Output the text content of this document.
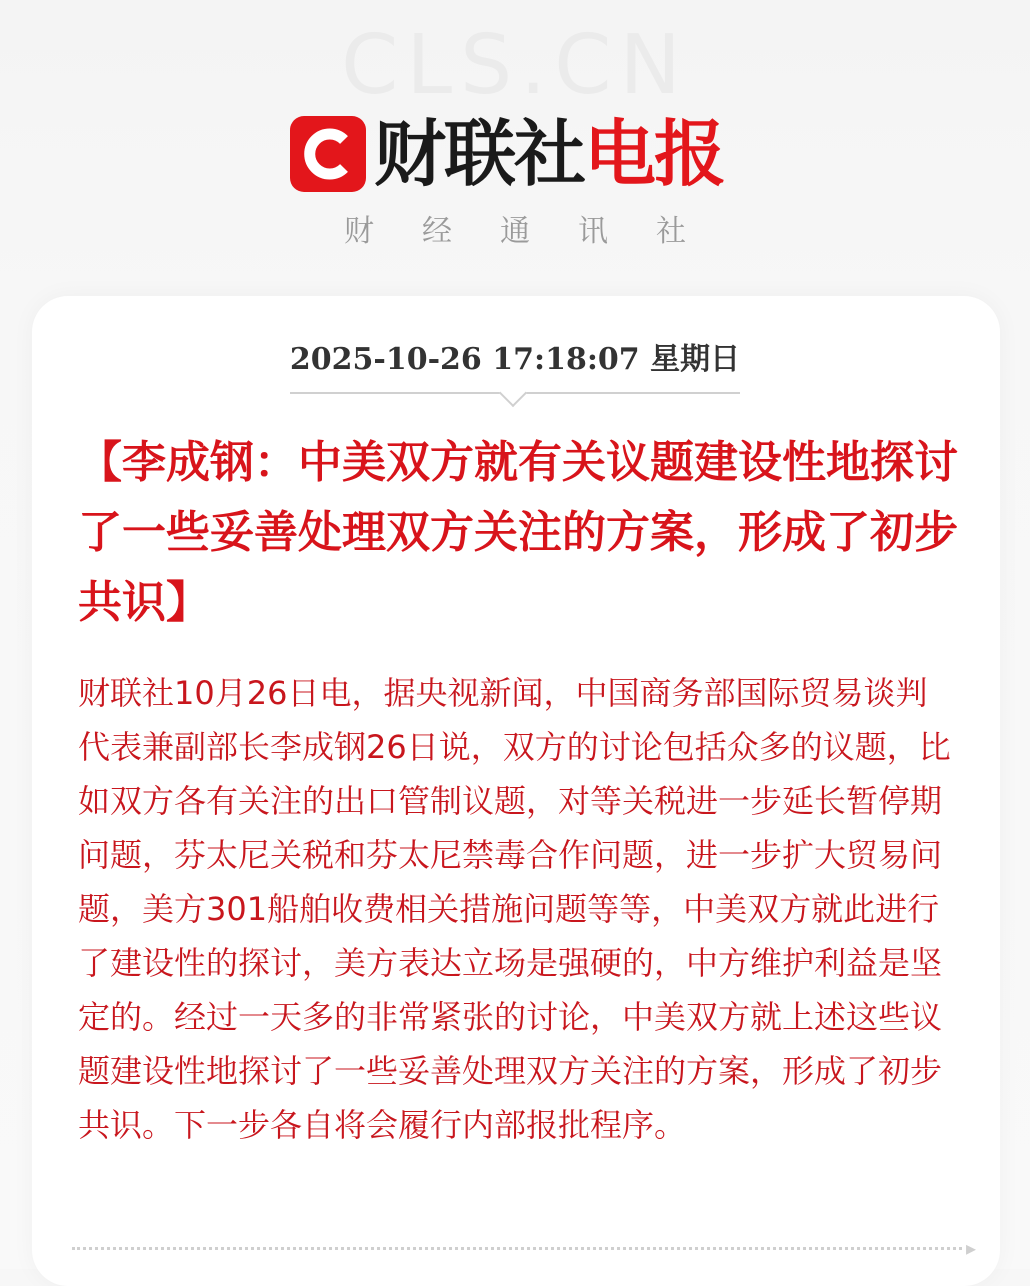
CLS.CN
财联社 电报
财经通讯社
2025-10-26 17:18:07 星期日
【李成钢：中美双方就有关议题建设性地探讨了一些妥善处理双方关注的方案，形成了初步共识】
财联社10月26日电，据央视新闻，中国商务部国际贸易谈判代表兼副部长李成钢26日说，双方的讨论包括众多的议题，比如双方各有关注的出口管制议题，对等关税进一步延长暂停期问题，芬太尼关税和芬太尼禁毒合作问题，进一步扩大贸易问题，美方301船舶收费相关措施问题等等，中美双方就此进行了建设性的探讨，美方表达立场是强硬的，中方维护利益是坚定的。经过一天多的非常紧张的讨论，中美双方就上述这些议题建设性地探讨了一些妥善处理双方关注的方案，形成了初步共识。下一步各自将会履行内部报批程序。
▸
